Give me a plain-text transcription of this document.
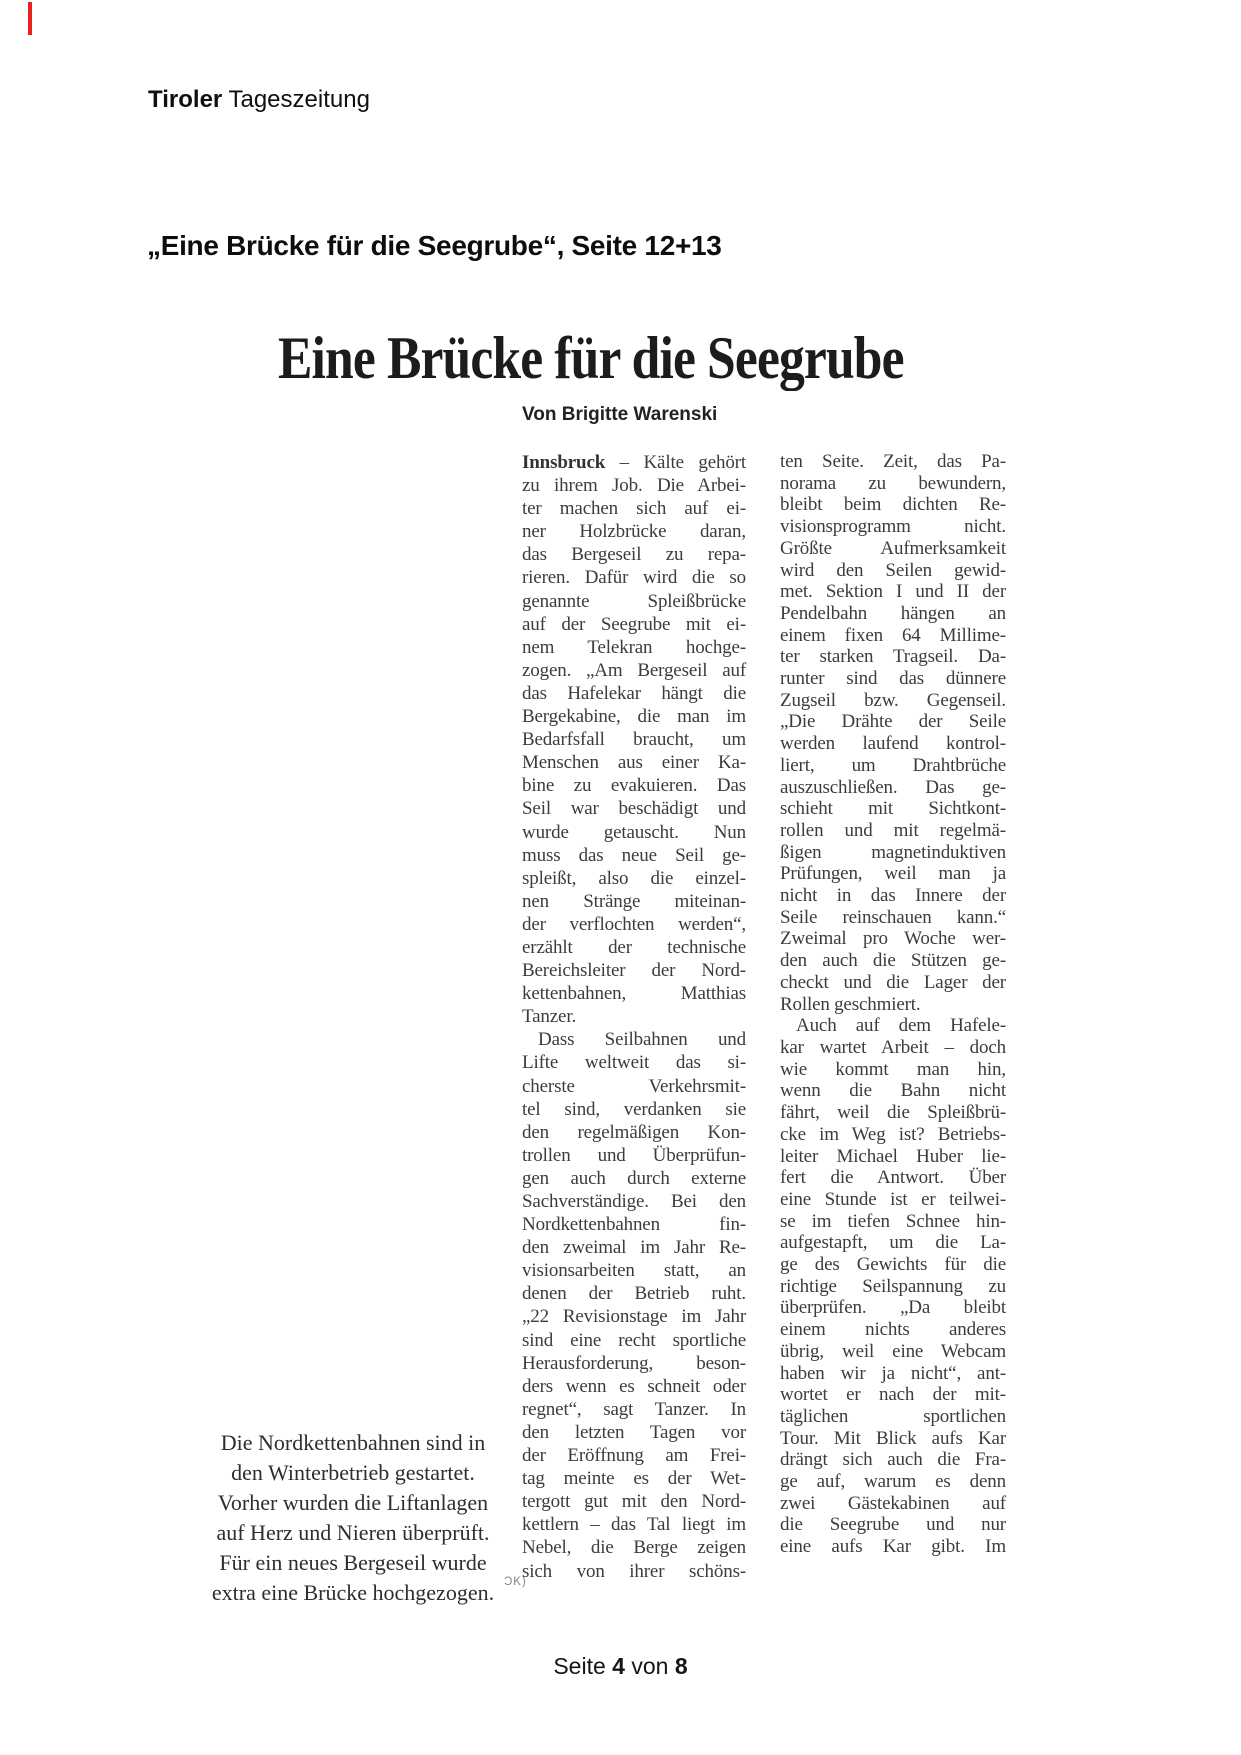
Tiroler Tageszeitung
„Eine Brücke für die Seegrube“, Seite 12+13
Eine Brücke für die Seegrube
Von Brigitte Warenski
Innsbruck – Kälte gehört
zu ihrem Job. Die Arbei-
ter machen sich auf ei-
ner Holzbrücke daran,
das Bergeseil zu repa-
rieren. Dafür wird die so
genannte Spleißbrücke
auf der Seegrube mit ei-
nem Telekran hochge-
zogen. „Am Bergeseil auf
das Hafelekar hängt die
Bergekabine, die man im
Bedarfsfall braucht, um
Menschen aus einer Ka-
bine zu evakuieren. Das
Seil war beschädigt und
wurde getauscht. Nun
muss das neue Seil ge-
spleißt, also die einzel-
nen Stränge miteinan-
der verflochten werden“,
erzählt der technische
Bereichsleiter der Nord-
kettenbahnen, Matthias
Tanzer.
Dass Seilbahnen und
Lifte weltweit das si-
cherste Verkehrsmit-
tel sind, verdanken sie
den regelmäßigen Kon-
trollen und Überprüfun-
gen auch durch externe
Sachverständige. Bei den
Nordkettenbahnen fin-
den zweimal im Jahr Re-
visionsarbeiten statt, an
denen der Betrieb ruht.
„22 Revisionstage im Jahr
sind eine recht sportliche
Herausforderung, beson-
ders wenn es schneit oder
regnet“, sagt Tanzer. In
den letzten Tagen vor
der Eröffnung am Frei-
tag meinte es der Wet-
tergott gut mit den Nord-
kettlern – das Tal liegt im
Nebel, die Berge zeigen
sich von ihrer schöns-
ten Seite. Zeit, das Pa-
norama zu bewundern,
bleibt beim dichten Re-
visionsprogramm nicht.
Größte Aufmerksamkeit
wird den Seilen gewid-
met. Sektion I und II der
Pendelbahn hängen an
einem fixen 64 Millime-
ter starken Tragseil. Da-
runter sind das dünnere
Zugseil bzw. Gegenseil.
„Die Drähte der Seile
werden laufend kontrol-
liert, um Drahtbrüche
auszuschließen. Das ge-
schieht mit Sichtkont-
rollen und mit regelmä-
ßigen magnetinduktiven
Prüfungen, weil man ja
nicht in das Innere der
Seile reinschauen kann.“
Zweimal pro Woche wer-
den auch die Stützen ge-
checkt und die Lager der
Rollen geschmiert.
Auch auf dem Hafele-
kar wartet Arbeit – doch
wie kommt man hin,
wenn die Bahn nicht
fährt, weil die Spleißbrü-
cke im Weg ist? Betriebs-
leiter Michael Huber lie-
fert die Antwort. Über
eine Stunde ist er teilwei-
se im tiefen Schnee hin-
aufgestapft, um die La-
ge des Gewichts für die
richtige Seilspannung zu
überprüfen. „Da bleibt
einem nichts anderes
übrig, weil eine Webcam
haben wir ja nicht“, ant-
wortet er nach der mit-
täglichen sportlichen
Tour. Mit Blick aufs Kar
drängt sich auch die Fra-
ge auf, warum es denn
zwei Gästekabinen auf
die Seegrube und nur
eine aufs Kar gibt. Im
Die Nordkettenbahnen sind in
den Winterbetrieb gestartet.
Vorher wurden die Liftanlagen
auf Herz und Nieren überprüft.
Für ein neues Bergeseil wurde
extra eine Brücke hochgezogen. ƆK)
Seite 4 von 8
